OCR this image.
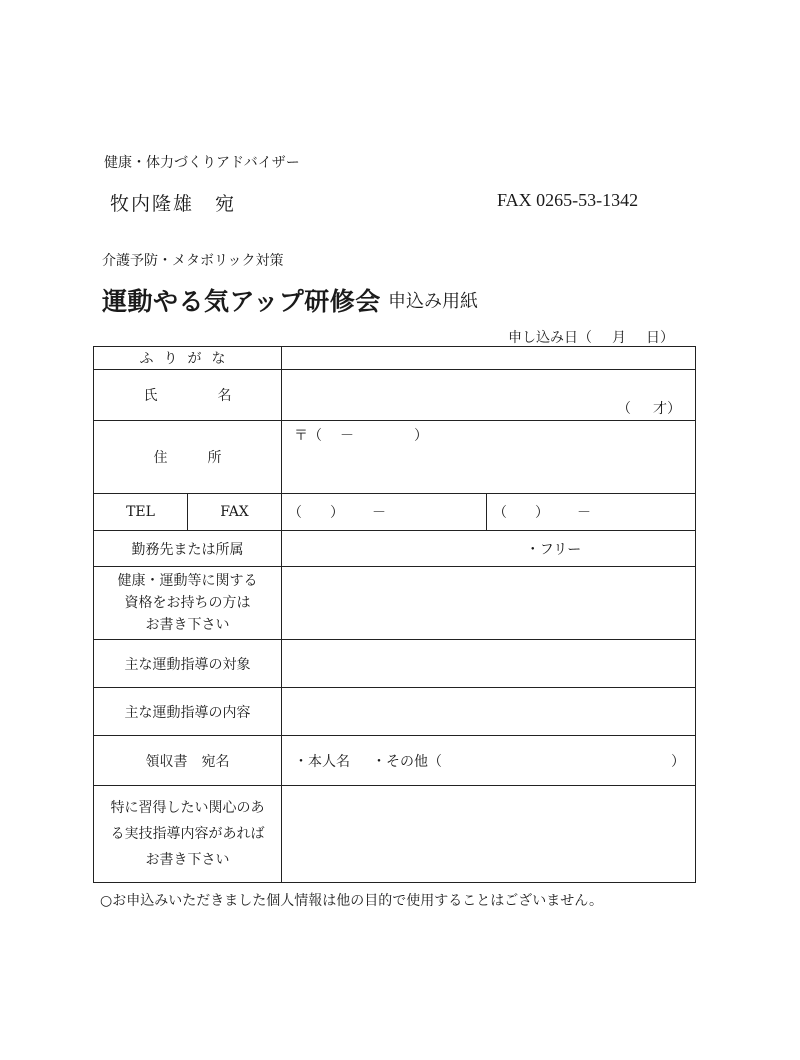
健康・体力づくりアドバイザー
牧内隆雄　宛	FAX 0265-53-1342
介護予防・メタボリック対策
運動やる気アップ研修会 申込み用紙
申し込み日（ 月 日）
ふりがな			
氏 名		（ 才）	

住 所		〒（ － ）	

TEL	FAX	（ ） －	（ ） －
勤務先または所属		・フリー	

健康・運動等に関する
資格をお持ちの方は
お書き下さい			

主な運動指導の対象			
主な運動指導の内容			
領収書　宛名		・本人名 ・その他（ ）	

特に習得したい関心のあ
る実技指導内容があれば
お書き下さい			

○お申込みいただきました個人情報は他の目的で使用することはございません。
